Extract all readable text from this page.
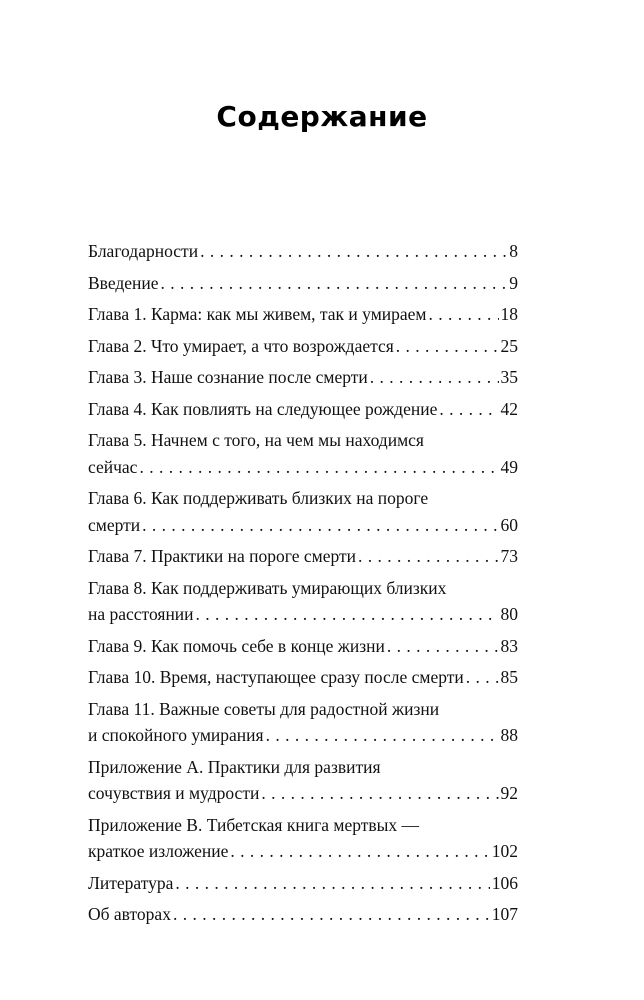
Содержание
Благодарности . . .	8
Введение . . .	9
Глава 1. Карма: как мы живем, так и умираем . . .	18
Глава 2. Что умирает, а что возрождается . . .	25
Глава 3. Наше сознание после смерти . . .	35
Глава 4. Как повлиять на следующее рождение . . .	42
Глава 5. Начнем с того, на чем мы находимся
сейчас . . .	49
Глава 6. Как поддерживать близких на пороге
смерти . . .	60
Глава 7. Практики на пороге смерти . . .	73
Глава 8. Как поддерживать умирающих близких
на расстоянии . . .	80
Глава 9. Как помочь себе в конце жизни . . .	83
Глава 10. Время, наступающее сразу после смерти . . . 85
Глава 11. Важные советы для радостной жизни
и спокойного умирания . . .	88
Приложение А. Практики для развития
сочувствия и мудрости . . .	92
Приложение В. Тибетская книга мертвых —
краткое изложение . . .	102
Литература . . .	106
Об авторах . . .	107
